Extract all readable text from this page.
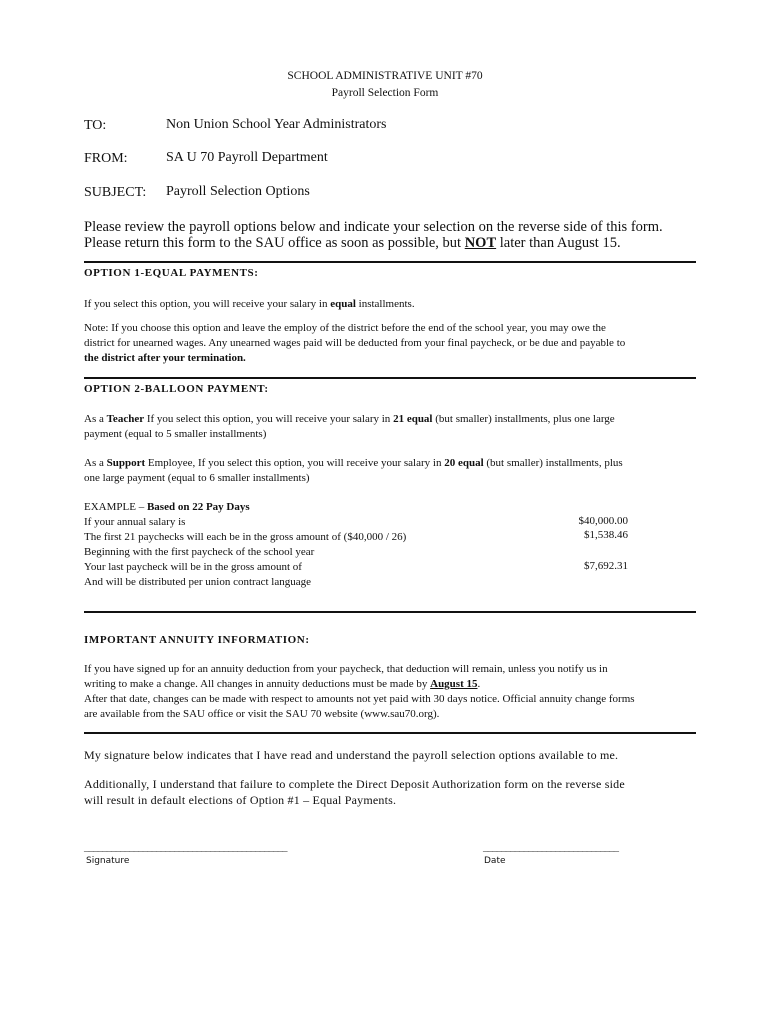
SCHOOL ADMINISTRATIVE UNIT #70
Payroll Selection Form
TO:	Non Union School Year Administrators
FROM:	SA U 70 Payroll Department
SUBJECT: Payroll Selection Options
Please review the payroll options below and indicate your selection on the reverse side of this form.
Please return this form to the SAU office as soon as possible, but NOT later than August 15.
OPTION 1-EQUAL PAYMENTS:
If you select this option, you will receive your salary in equal installments.
Note: If you choose this option and leave the employ of the district before the end of the school year, you may owe the
district for unearned wages. Any unearned wages paid will be deducted from your final paycheck, or be due and payable to
the district after your termination.
OPTION 2-BALLOON PAYMENT:
As a Teacher If you select this option, you will receive your salary in 21 equal (but smaller) installments, plus one large
payment (equal to 5 smaller installments)
As a Support Employee, If you select this option, you will receive your salary in 20 equal (but smaller) installments, plus
one large payment (equal to 6 smaller installments)
EXAMPLE – Based on 22 Pay Days
If your annual salary is
The first 21 paychecks will each be in the gross amount of ($40,000 / 26)
Beginning with the first paycheck of the school year
Your last paycheck will be in the gross amount of
And will be distributed per union contract language
$40,000.00
$1,538.46
$7,692.31
IMPORTANT ANNUITY INFORMATION:
If you have signed up for an annuity deduction from your paycheck, that deduction will remain, unless you notify us in
writing to make a change. All changes in annuity deductions must be made by August 15.
After that date, changes can be made with respect to amounts not yet paid with 30 days notice. Official annuity change forms
are available from the SAU office or visit the SAU 70 website (www.sau70.org).
My signature below indicates that I have read and understand the payroll selection options available to me.
Additionally, I understand that failure to complete the Direct Deposit Authorization form on the reverse side
will result in default elections of Option #1 – Equal Payments.
_____________________________________________
Signature
______________________________
Date
